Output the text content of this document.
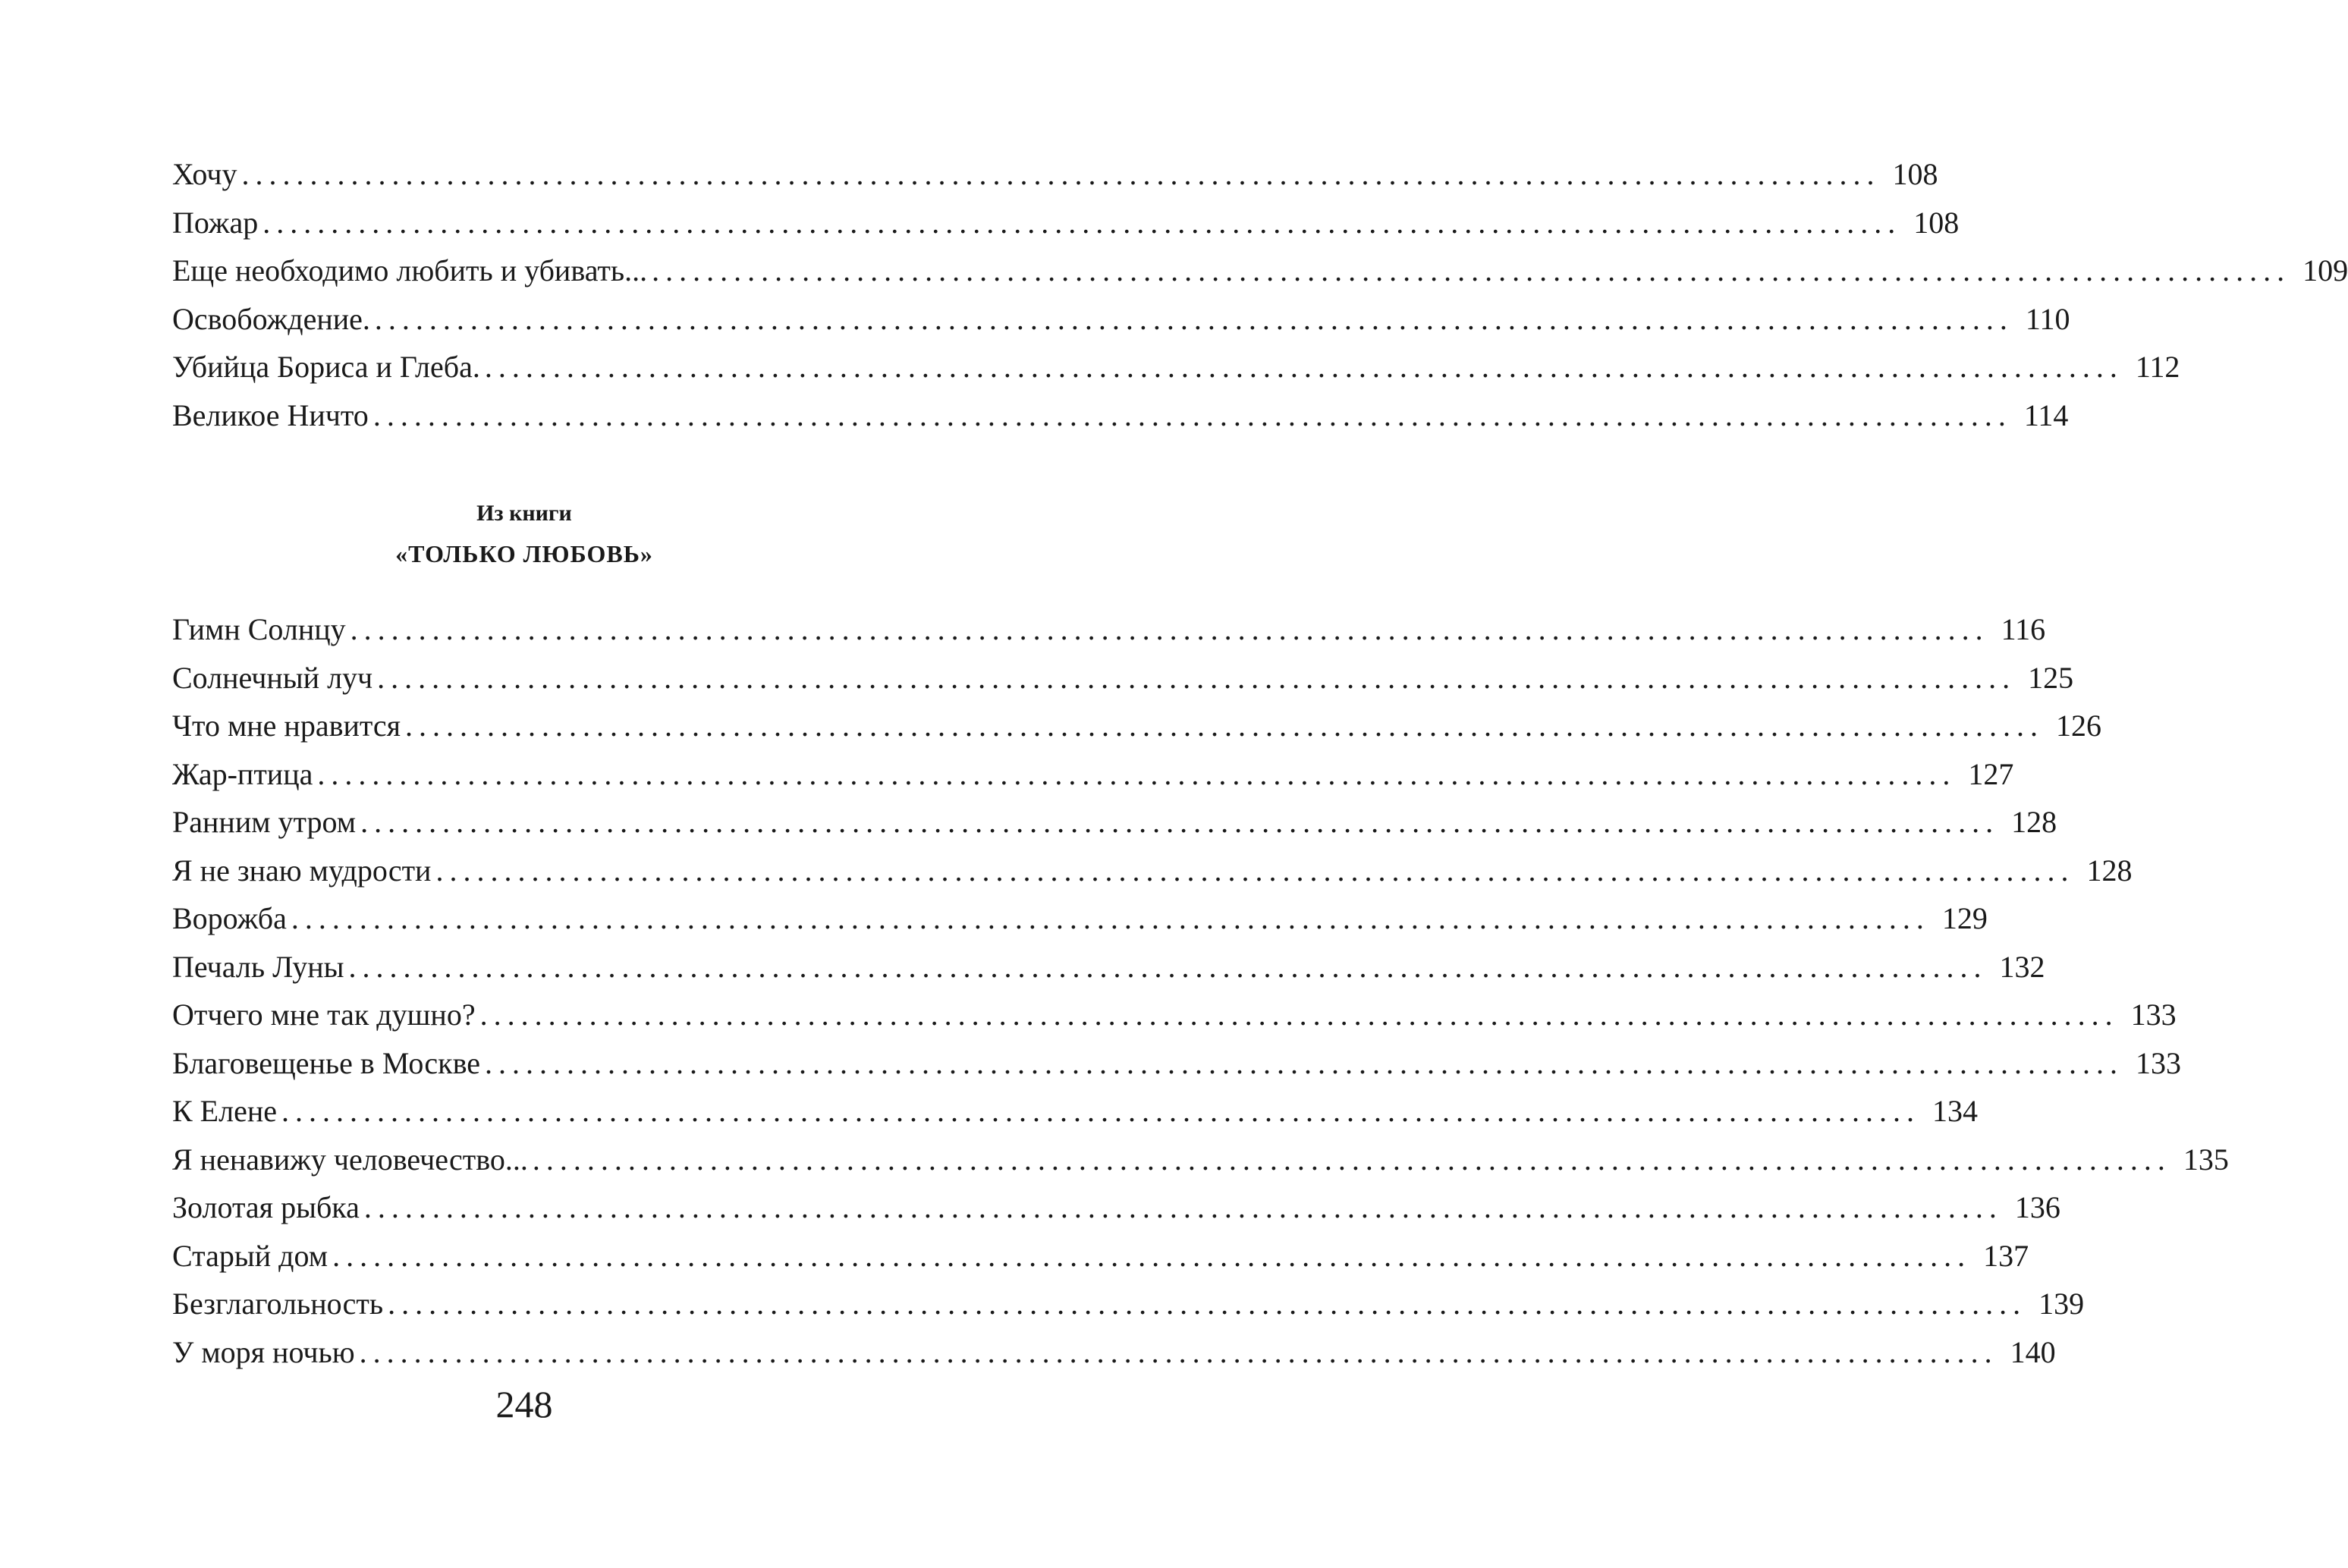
Хочу ........................................................................................................................ 108
Пожар ........................................................................................................................ 108
Еще необходимо любить и убивать... ........................................................................................................................ 109
Освобождение. ........................................................................................................................ 110
Убийца Бориса и Глеба. ........................................................................................................................ 112
Великое Ничто ........................................................................................................................ 114
Из книги
«ТОЛЬКО ЛЮБОВЬ»
Гимн Солнцу ........................................................................................................................ 116
Солнечный луч ........................................................................................................................ 125
Что мне нравится ........................................................................................................................ 126
Жар-птица ........................................................................................................................ 127
Ранним утром ........................................................................................................................ 128
Я не знаю мудрости ........................................................................................................................ 128
Ворожба ........................................................................................................................ 129
Печаль Луны ........................................................................................................................ 132
Отчего мне так душно? ........................................................................................................................ 133
Благовещенье в Москве ........................................................................................................................ 133
К Елене ........................................................................................................................ 134
Я ненавижу человечество... ........................................................................................................................ 135
Золотая рыбка ........................................................................................................................ 136
Старый дом ........................................................................................................................ 137
Безглагольность ........................................................................................................................ 139
У моря ночью ........................................................................................................................ 140
248
